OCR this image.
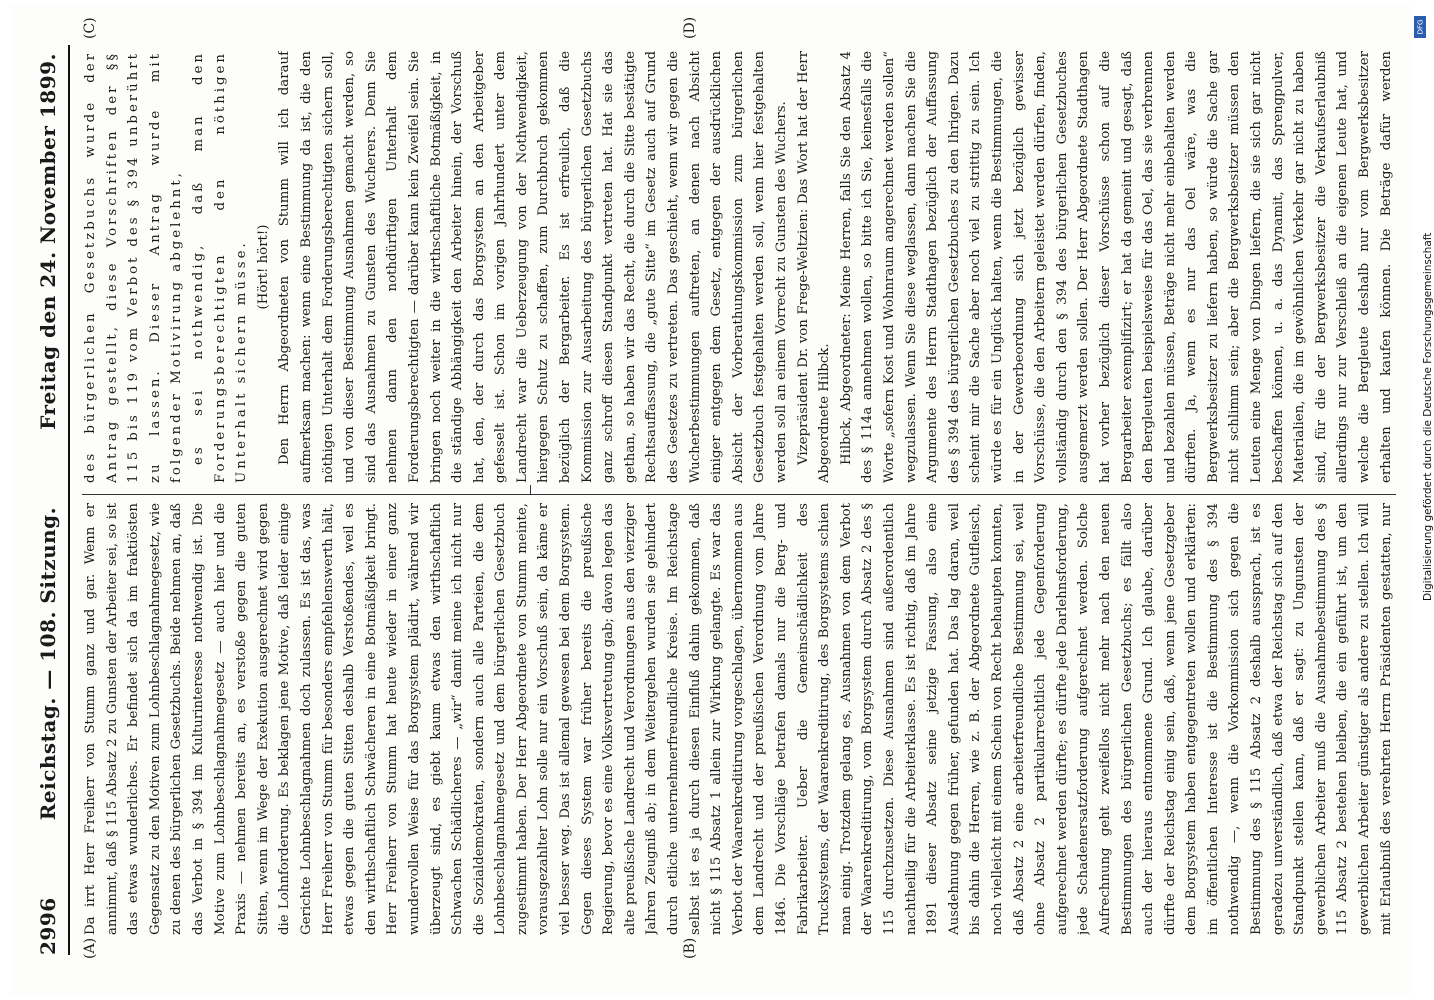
2996
Reichstag. — 108. Sitzung.
Freitag den 24. November 1899.
(A)	(B)
(C)	(D)

Da irrt Herr Freiherr von Stumm ganz und gar. Wenn er annimmt, daß § 115 Absatz 2 zu Gunsten der Arbeiter sei, so ist das etwas wunderliches. Er befindet sich da im fraktiösten Gegensatz zu den Motiven zum Lohnbeschlagnahmegesetz, wie zu denen des bürgerlichen Gesetzbuchs. Beide nehmen an, daß das Verbot in § 394 im Kulturinteresse nothwendig ist. Die Motive zum Lohnbeschlagnahmegesetz — auch hier und die Praxis — nehmen bereits an, es verstoße gegen die guten Sitten, wenn im Wege der Exekution ausgerechnet wird gegen die Lohnforderung. Es beklagen jene Motive, daß leider einige Gerichte Lohnbeschlagnahmen doch zulassen. Es ist das, was Herr Freiherr von Stumm für besonders empfehlenswerth hält, etwas gegen die guten Sitten deshalb Verstoßendes, weil es den wirthschaftlich Schwächeren in eine Botmäßigkeit bringt. Herr Freiherr von Stumm hat heute wieder in einer ganz wundervollen Weise für das Borgsystem plädirt, während wir überzeugt sind, es giebt kaum etwas den wirthschaftlich Schwachen Schädlicheres — „wir“ damit meine ich nicht nur die Sozialdemokraten, sondern auch alle Parteien, die dem Lohnbeschlagnahmegesetz und dem bürgerlichen Gesetzbuch zugestimmt haben. Der Herr Abgeordnete von Stumm meinte, vorausgezahlter Lohn solle nur ein Vorschuß sein, da käme er viel besser weg. Das ist allemal gewesen bei dem Borgsystem. Gegen dieses System war früher bereits die preußische Regierung, bevor es eine Volksvertretung gab; davon legen das alte preußische Landrecht und Verordnungen aus den vierziger Jahren Zeugniß ab; in dem Weitergehen wurden sie gehindert durch etliche unternehmerfreundliche Kreise. Im Reichstage selbst ist es ja durch diesen Einfluß dahin gekommen, daß nicht § 115 Absatz 1 allein zur Wirkung gelangte. Es war das Verbot der Waarenkreditirung vorgeschlagen, übernommen aus dem Landrecht und der preußischen Verordnung vom Jahre 1846. Die Vorschläge betrafen damals nur die Berg- und Fabrikarbeiter. Ueber die Gemeinschädlichkeit des Trucksystems, der Waarenkreditirung, des Borgsystems schien man einig. Trotzdem gelang es, Ausnahmen von dem Verbot der Waarenkreditirung, vom Borgsystem durch Absatz 2 des § 115 durchzusetzen. Diese Ausnahmen sind außerordentlich nachtheilig für die Arbeiterklasse. Es ist richtig, daß im Jahre 1891 dieser Absatz seine jetzige Fassung, also eine Ausdehnung gegen früher, gefunden hat. Das lag daran, weil bis dahin die Herren, wie z. B. der Abgeordnete Gutfleisch, noch vielleicht mit einem Schein von Recht behaupten konnten, daß Absatz 2 eine arbeiterfreundliche Bestimmung sei, weil ohne Absatz 2 partikularrechtlich jede Gegenforderung aufgerechnet werden dürfte; es dürfte jede Darlehnsforderung, jede Schadenersatzforderung aufgerechnet werden. Solche Aufrechnung geht zweifellos nicht mehr nach den neuen Bestimmungen des bürgerlichen Gesetzbuchs; es fällt also auch der hieraus entnommene Grund. Ich glaube, darüber dürfte der Reichstag einig sein, daß, wenn jene Gesetzgeber dem Borgsystem haben entgegentreten wollen und erklärten: im öffentlichen Interesse ist die Bestimmung des § 394 nothwendig —, wenn die Vorkommission sich gegen die Bestimmung des § 115 Absatz 2 deshalb aussprach, ist es geradezu unverständlich, daß etwa der Reichstag sich auf den Standpunkt stellen kann, daß er sagt: zu Ungunsten der gewerblichen Arbeiter muß die Ausnahmebestimmung des § 115 Absatz 2 bestehen bleiben, die ein geführt ist, um den gewerblichen Arbeiter günstiger als andere zu stellen. Ich will mit Erlaubniß des verehrten Herrn Präsidenten gestatten, nur

des bürgerlichen Gesetzbuchs wurde der Antrag gestellt, diese Vorschriften der §§ 115 bis 119 vom Verbot des § 394 unberührt zu lassen. Dieser Antrag wurde mit folgender Motivirung abgelehnt, es sei nothwendig, daß man den Forderungsberechtigten den nöthigen Unterhalt sichern müsse. (Hört! hört!) Den Herrn Abgeordneten von Stumm will ich darauf aufmerksam machen: wenn eine Bestimmung da ist, die den nöthigen Unterhalt dem Forderungsberechtigten sichern soll, und von dieser Bestimmung Ausnahmen gemacht werden, so sind das Ausnahmen zu Gunsten des Wucherers. Denn Sie nehmen dann den nothdürftigen Unterhalt dem Forderungsberechtigten — darüber kann kein Zweifel sein. Sie bringen noch weiter in die wirthschaftliche Botmäßigkeit, in die ständige Abhängigkeit den Arbeiter hinein, der Vorschuß hat, den, der durch das Borgsystem an den Arbeitgeber gefesselt ist. Schon im vorigen Jahrhundert unter dem Landrecht war die Ueberzeugung von der Nothwendigkeit, hiergegen Schutz zu schaffen, zum Durchbruch gekommen bezüglich der Bergarbeiter. Es ist erfreulich, daß die Kommission zur Ausarbeitung des bürgerlichen Gesetzbuchs ganz schroff diesen Standpunkt vertreten hat. Hat sie das gethan, so haben wir das Recht, die durch die Sitte bestätigte Rechtsauffassung, die „gute Sitte“ im Gesetz auch auf Grund des Gesetzes zu vertreten. Das geschieht, wenn wir gegen die Wucherbestimmungen auftreten, an denen nach Absicht einiger entgegen dem Gesetz, entgegen der ausdrücklichen Absicht der Vorberathungskommission zum bürgerlichen Gesetzbuch festgehalten werden soll, wenn hier festgehalten werden soll an einem Vorrecht zu Gunsten des Wuchers. Vizepräsident Dr. von Frege-Weltzien: Das Wort hat der Herr Abgeordnete Hilbck. Hilbck, Abgeordneter: Meine Herren, falls Sie den Absatz 4 des § 114a annehmen wollen, so bitte ich Sie, keinesfalls die Worte „sofern Kost und Wohnraum angerechnet werden sollen“ wegzulassen. Wenn Sie diese weglassen, dann machen Sie die Argumente des Herrn Stadthagen bezüglich der Auffassung des § 394 des bürgerlichen Gesetzbuches zu den Ihrigen. Dazu scheint mir die Sache aber noch viel zu strittig zu sein. Ich würde es für ein Unglück halten, wenn die Bestimmungen, die in der Gewerbeordnung sich jetzt bezüglich gewisser Vorschüsse, die den Arbeitern geleistet werden dürfen, finden, vollständig durch den § 394 des bürgerlichen Gesetzbuches ausgemerzt werden sollen. Der Herr Abgeordnete Stadthagen hat vorher bezüglich dieser Vorschüsse schon auf die Bergarbeiter exemplifizirt; er hat da gemeint und gesagt, daß den Bergleuten beispielsweise für das Oel, das sie verbrennen und bezahlen müssen, Beträge nicht mehr einbehalten werden dürften. Ja, wenn es nur das Oel wäre, was die Bergwerksbesitzer zu liefern haben, so würde die Sache gar nicht schlimm sein; aber die Bergwerksbesitzer müssen den Leuten eine Menge von Dingen liefern, die sie sich gar nicht beschaffen können, u. a. das Dynamit, das Sprengpulver, Materialien, die im gewöhnlichen Verkehr gar nicht zu haben sind, für die der Bergwerksbesitzer die Verkaufserlaubniß allerdings nur zur Verschleiß an die eigenen Leute hat, und welche die Bergleute deshalb nur vom Bergwerksbesitzer erhalten und kaufen können. Die Beträge dafür werden

DFG
Digitalisierung gefördert durch die Deutsche Forschungsgemeinschaft
